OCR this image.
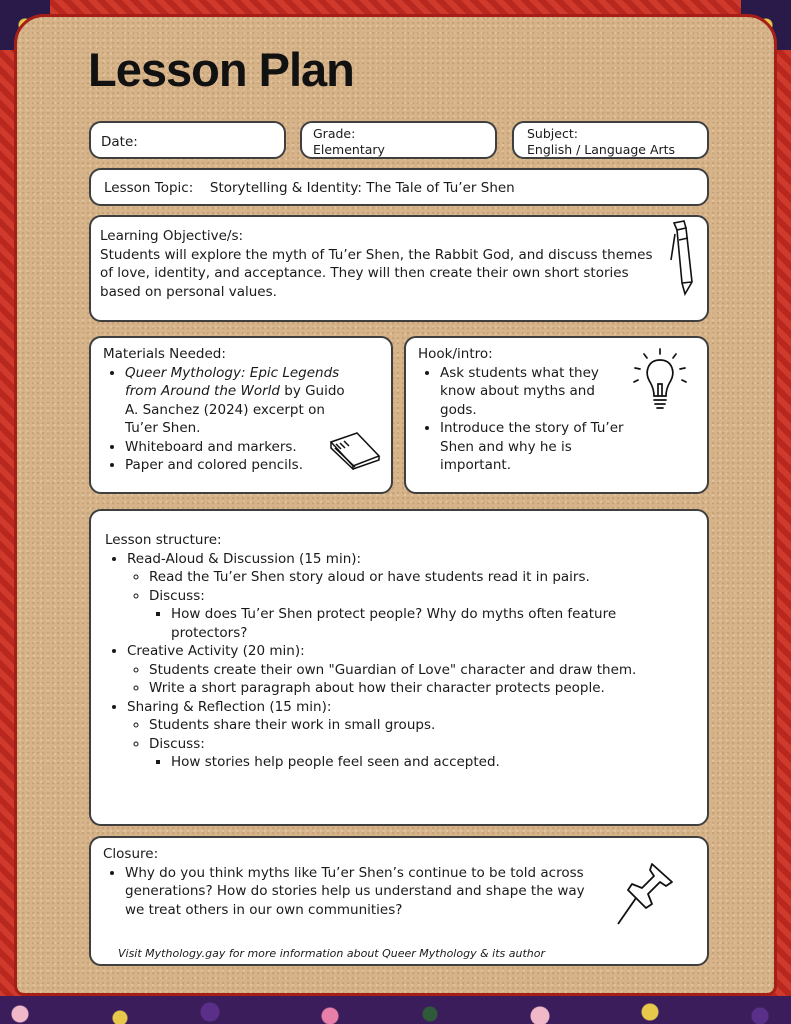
Lesson Plan
Date:
Grade:
Elementary
Subject:
English / Language Arts
Lesson Topic: Storytelling & Identity: The Tale of Tu’er Shen
Learning Objective/s:
Students will explore the myth of Tu’er Shen, the Rabbit God, and discuss themes of love, identity, and acceptance. They will then create their own short stories based on personal values.
Materials Needed:
• Queer Mythology: Epic Legends from Around the World by Guido A. Sanchez (2024) excerpt on Tu’er Shen.
• Whiteboard and markers.
• Paper and colored pencils.
Hook/intro:
• Ask students what they know about myths and gods.
• Introduce the story of Tu’er Shen and why he is important.
Lesson structure:
• Read-Aloud & Discussion (15 min):
◦ Read the Tu’er Shen story aloud or have students read it in pairs.
◦ Discuss:
▪ How does Tu’er Shen protect people? Why do myths often feature protectors?
• Creative Activity (20 min):
◦ Students create their own "Guardian of Love" character and draw them.
◦ Write a short paragraph about how their character protects people.
• Sharing & Reflection (15 min):
◦ Students share their work in small groups.
◦ Discuss:
▪ How stories help people feel seen and accepted.
Closure:
• Why do you think myths like Tu’er Shen’s continue to be told across generations? How do stories help us understand and shape the way we treat others in our own communities?
Visit Mythology.gay for more information about Queer Mythology & its author
